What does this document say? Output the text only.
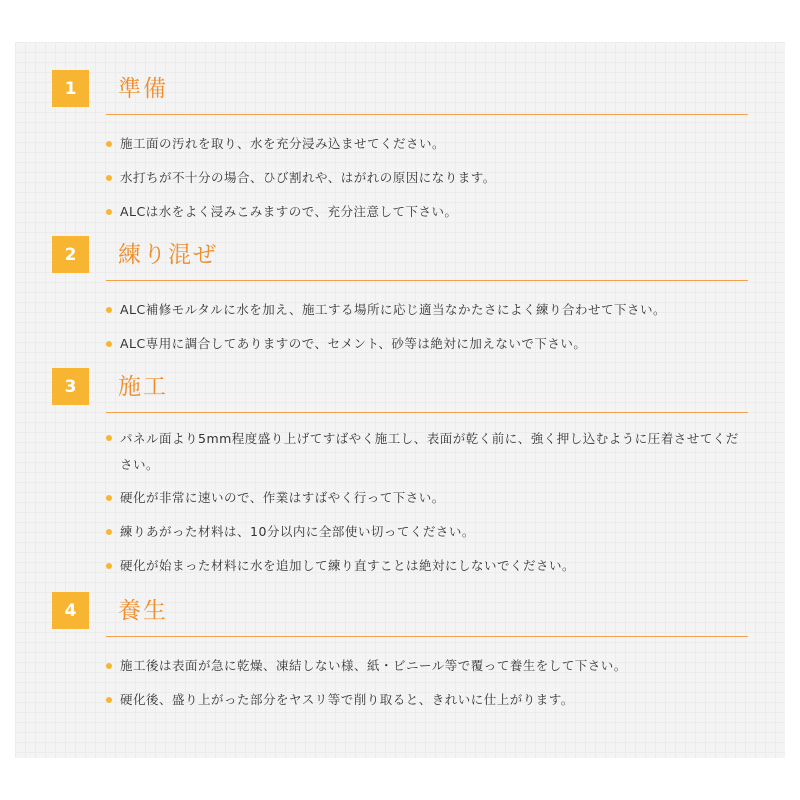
1	準備
施工面の汚れを取り、水を充分浸み込ませてください。
水打ちが不十分の場合、ひび割れや、はがれの原因になります。
ALCは水をよく浸みこみますので、充分注意して下さい。
2	練り混ぜ
ALC補修モルタルに水を加え、施工する場所に応じ適当なかたさによく練り合わせて下さい。
ALC専用に調合してありますので、セメント、砂等は絶対に加えないで下さい。
3	施工
パネル面より5mm程度盛り上げてすばやく施工し、表面が乾く前に、強く押し込むように圧着させてください。
硬化が非常に速いので、作業はすばやく行って下さい。
練りあがった材料は、10分以内に全部使い切ってください。
硬化が始まった材料に水を追加して練り直すことは絶対にしないでください。
4	養生
施工後は表面が急に乾燥、凍結しない様、紙・ビニール等で覆って養生をして下さい。
硬化後、盛り上がった部分をヤスリ等で削り取ると、きれいに仕上がります。
